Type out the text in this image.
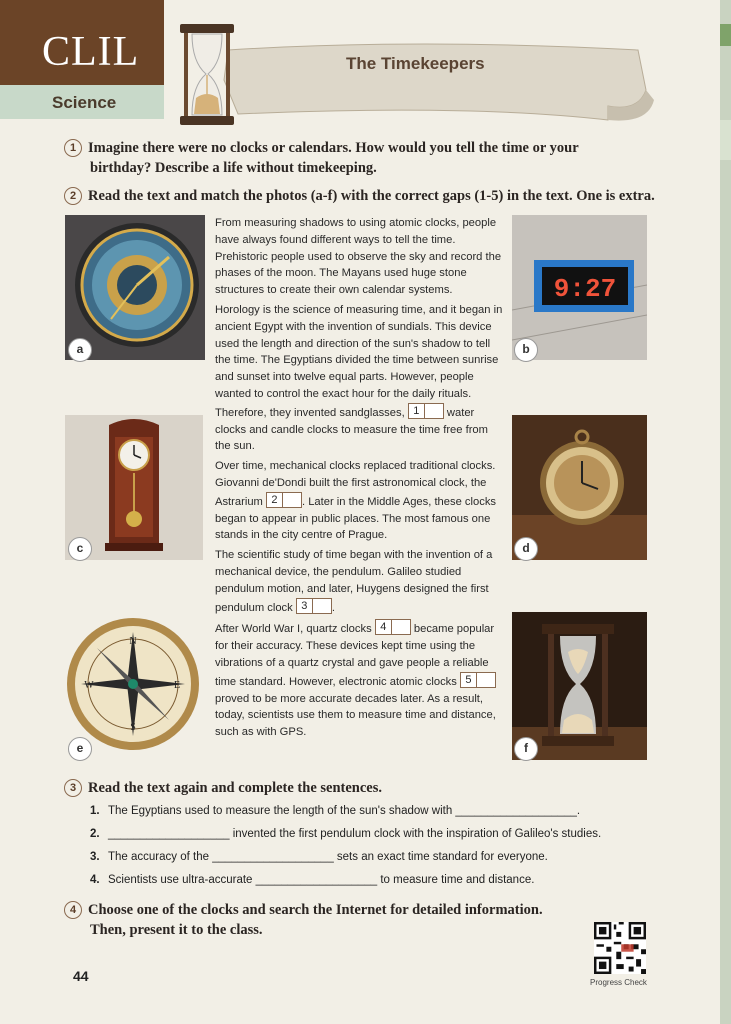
CLIL
Science
The Timekeepers
1 Imagine there were no clocks or calendars. How would you tell the time or your
birthday? Describe a life without timekeeping.
2 Read the text and match the photos (a-f) with the correct gaps (1-5) in the text. One is extra.
a
9:27
b
c	d
N
S
E
W
e	f

From measuring shadows to using atomic clocks, people have always found different ways to tell the time. Prehistoric people used to observe the sky and record the phases of the moon. The Mayans used huge stone structures to create their own calendar systems.

Horology is the science of measuring time, and it began in ancient Egypt with the invention of sundials. This device used the length and direction of the sun's shadow to tell the time. The Egyptians divided the time between sunrise and sunset into twelve equal parts. However, people wanted to control the exact hour for the daily rituals. Therefore, they invented sandglasses, 1	water clocks and candle clocks to measure the time free from the sun.

Over time, mechanical clocks replaced traditional clocks. Giovanni de'Dondi built the first astronomical clock, the Astrarium 2	. Later in the Middle Ages, these clocks began to appear in public places. The most famous one stands in the city centre of Prague.

The scientific study of time began with the invention of a mechanical device, the pendulum. Galileo studied pendulum motion, and later, Huygens designed the first pendulum clock 3	.

After World War I, quartz clocks 4	became popular for their accuracy. These devices kept time using the vibrations of a quartz crystal and gave people a reliable time standard. However, electronic atomic clocks 5
proved to be more accurate decades later. As a result, today, scientists use them to measure time and distance, such as with GPS.

3 Read the text again and complete the sentences.
1. The Egyptians used to measure the length of the sun's shadow with ___________________.
2. ___________________ invented the first pendulum clock with the inspiration of Galileo's studies.
3. The accuracy of the ___________________ sets an exact time standard for everyone.
4. Scientists use ultra-accurate ___________________ to measure time and distance.
4 Choose one of the clocks and search the Internet for detailed information.
Then, present it to the class.
44	Progress Check
